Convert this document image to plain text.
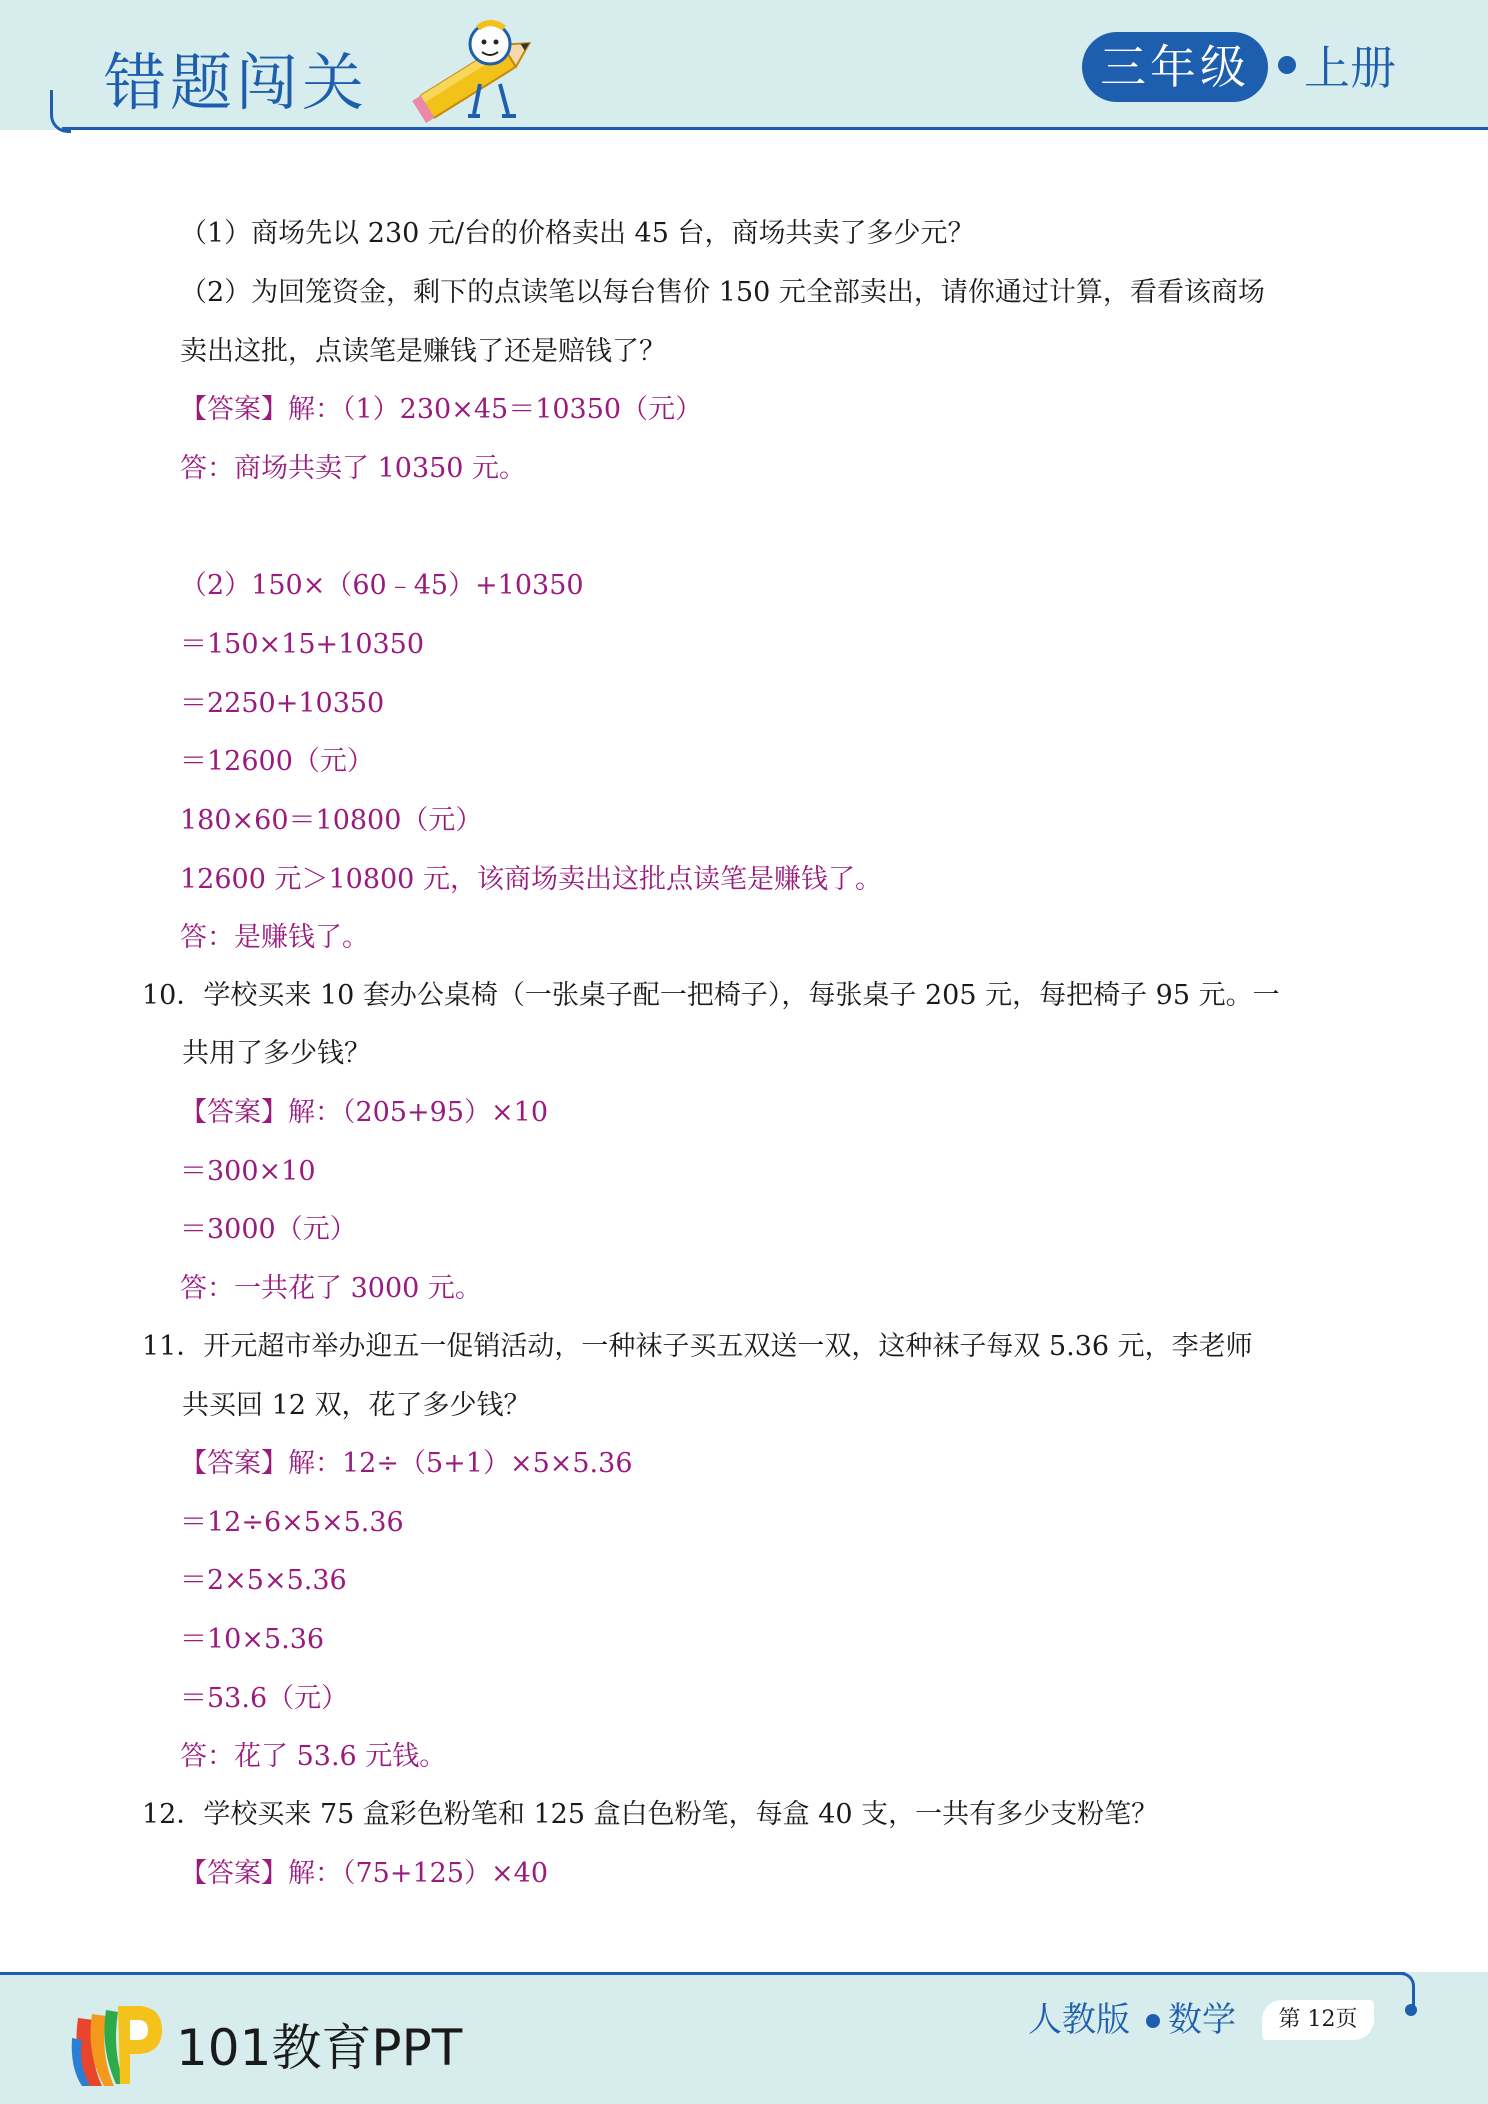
错题闯关	三年级	上册
（1）商场先以 230 元/台的价格卖出 45 台，商场共卖了多少元？
（2）为回笼资金，剩下的点读笔以每台售价 150 元全部卖出，请你通过计算，看看该商场
卖出这批，点读笔是赚钱了还是赔钱了？
【答案】解：（1）230×45＝10350（元）
答：商场共卖了 10350 元。
（2）150×（60﹣45）+10350
＝150×15+10350
＝2250+10350
＝12600（元）
180×60＝10800（元）
12600 元＞10800 元，该商场卖出这批点读笔是赚钱了。
答：是赚钱了。
10．学校买来 10 套办公桌椅（一张桌子配一把椅子），每张桌子 205 元，每把椅子 95 元。一
共用了多少钱？
【答案】解：（205+95）×10
＝300×10
＝3000（元）
答：一共花了 3000 元。
11．开元超市举办迎五一促销活动，一种袜子买五双送一双，这种袜子每双 5.36 元，李老师
共买回 12 双，花了多少钱？
【答案】解：12÷（5+1）×5×5.36
＝12÷6×5×5.36
＝2×5×5.36
＝10×5.36
＝53.6（元）
答：花了 53.6 元钱。
12．学校买来 75 盒彩色粉笔和 125 盒白色粉笔，每盒 40 支，一共有多少支粉笔？
【答案】解：（75+125）×40
101教育PPT	人教版 数学	第 12页
